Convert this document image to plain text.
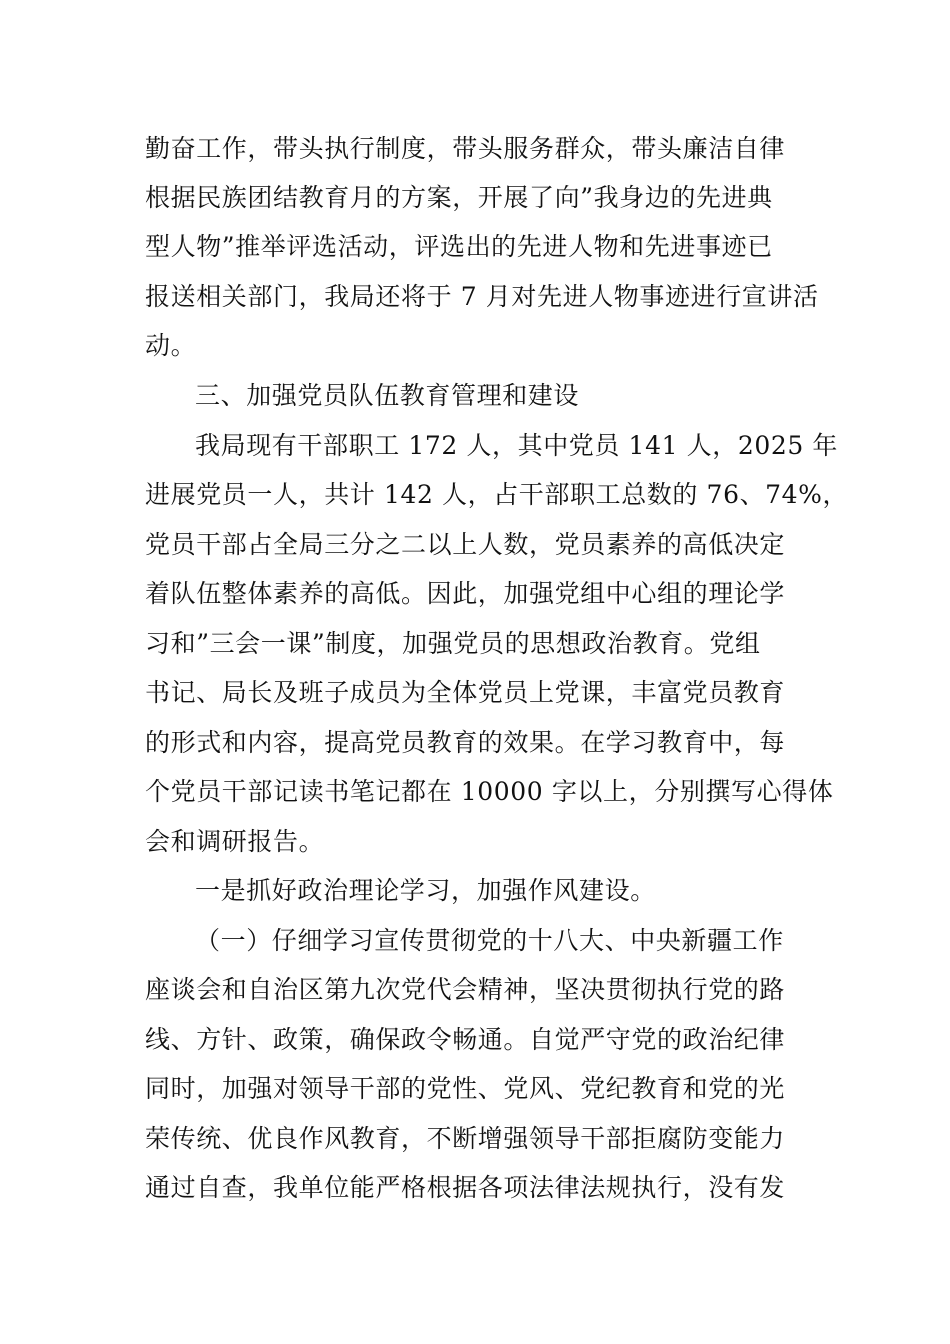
勤奋工作，带头执行制度，带头服务群众，带头廉洁自律
根据民族团结教育月的方案，开展了向”我身边的先进典
型人物”推举评选活动，评选出的先进人物和先进事迹已
报送相关部门，我局还将于 7 月对先进人物事迹进行宣讲活
动。
三、加强党员队伍教育管理和建设
我局现有干部职工 172 人，其中党员 141 人，2025 年
进展党员一人，共计 142 人，占干部职工总数的 76、74%，
党员干部占全局三分之二以上人数，党员素养的高低决定
着队伍整体素养的高低。因此，加强党组中心组的理论学
习和”三会一课”制度，加强党员的思想政治教育。党组
书记、局长及班子成员为全体党员上党课，丰富党员教育
的形式和内容，提高党员教育的效果。在学习教育中，每
个党员干部记读书笔记都在 10000 字以上，分别撰写心得体
会和调研报告。
一是抓好政治理论学习，加强作风建设。
（一）仔细学习宣传贯彻党的十八大、中央新疆工作
座谈会和自治区第九次党代会精神，坚决贯彻执行党的路
线、方针、政策，确保政令畅通。自觉严守党的政治纪律
同时，加强对领导干部的党性、党风、党纪教育和党的光
荣传统、优良作风教育，不断增强领导干部拒腐防变能力
通过自查，我单位能严格根据各项法律法规执行，没有发
